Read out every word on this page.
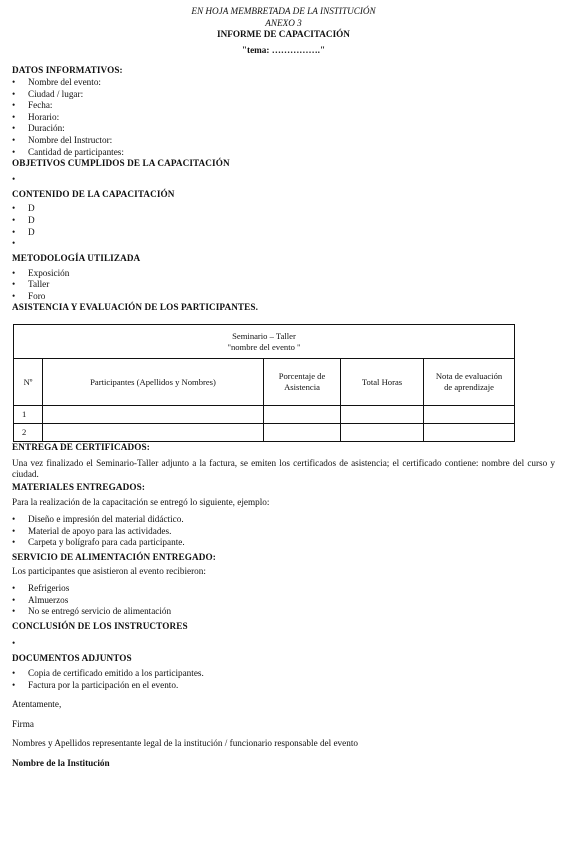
EN HOJA MEMBRETADA DE LA INSTITUCIÓN
ANEXO 3
INFORME DE CAPACITACIÓN
"tema: ……………."
DATOS INFORMATIVOS:
• Nombre del evento:
• Ciudad / lugar:
• Fecha:
• Horario:
• Duración:
• Nombre del Instructor:
• Cantidad de participantes:
OBJETIVOS CUMPLIDOS DE LA CAPACITACIÓN
•
CONTENIDO DE LA CAPACITACIÓN
• D
• D
• D
•
METODOLOGÍA UTILIZADA
• Exposición
• Taller
• Foro
ASISTENCIA Y EVALUACIÓN DE LOS PARTICIPANTES.
Seminario – Taller
"nombre del evento "				

Nº	Participantes (Apellidos y Nombres)	Porcentaje de Asistencia	Total Horas	Nota de evaluación de aprendizaje
1				
2				
ENTREGA DE CERTIFICADOS:

Una vez finalizado el Seminario-Taller adjunto a la factura, se emiten los certificados de asistencia; el certificado contiene: nombre del curso y ciudad.

MATERIALES ENTREGADOS:

Para la realización de la capacitación se entregó lo siguiente, ejemplo:

• Diseño e impresión del material didáctico.
• Material de apoyo para las actividades.
• Carpeta y bolígrafo para cada participante.
SERVICIO DE ALIMENTACIÓN ENTREGADO:

Los participantes que asistieron al evento recibieron:

• Refrigerios
• Almuerzos
• No se entregó servicio de alimentación
CONCLUSIÓN DE LOS INSTRUCTORES
•
DOCUMENTOS ADJUNTOS
• Copia de certificado emitido a los participantes.
• Factura por la participación en el evento.
Atentamente,
Firma
Nombres y Apellidos representante legal de la institución / funcionario responsable del evento
Nombre de la Institución
